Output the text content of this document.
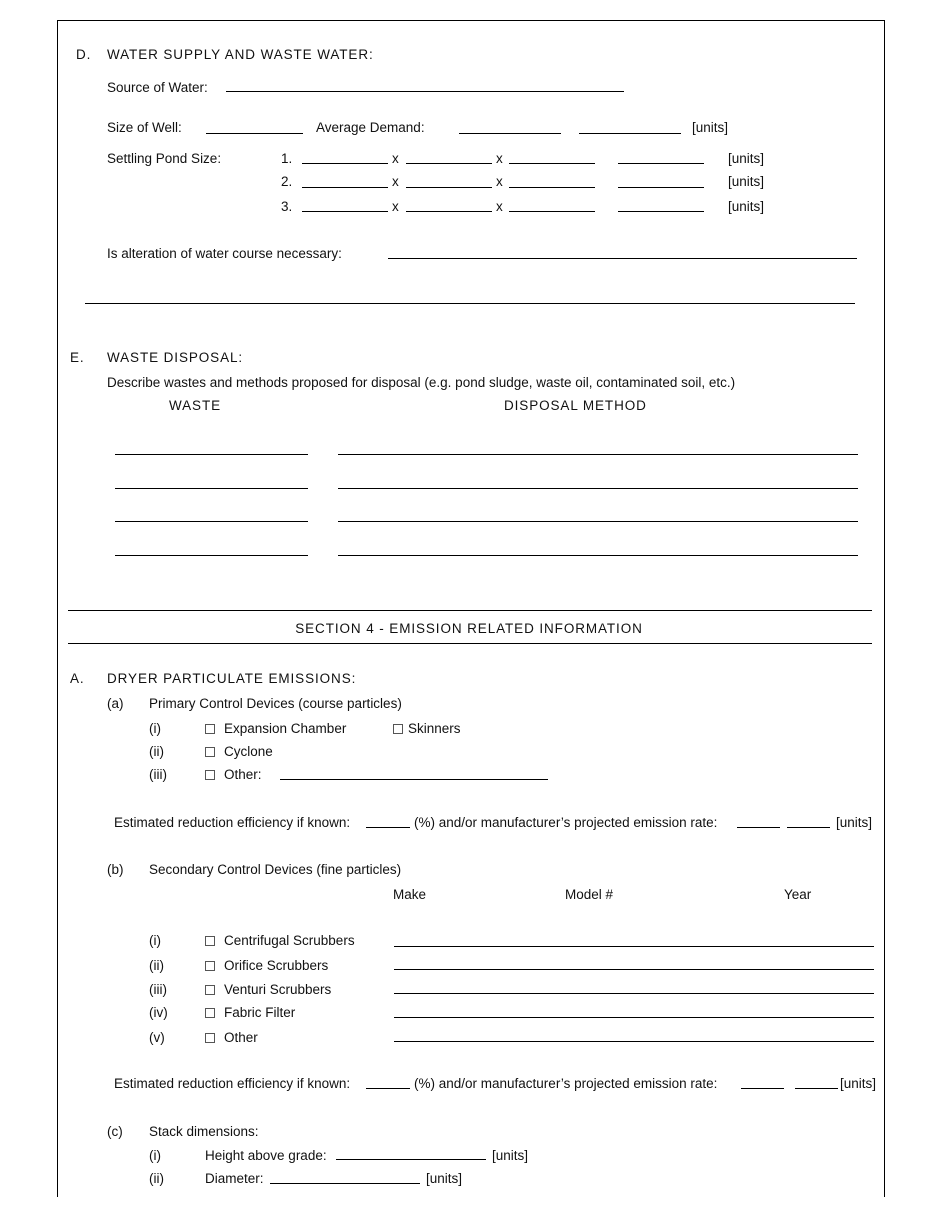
D. WATER SUPPLY AND WASTE WATER:
Source of Water:
Size of Well:	Average Demand:	[units]
Settling Pond Size:	1.	x	x	[units]
2.	x	x	[units]
3.	x	x	[units]
Is alteration of water course necessary:
E. WASTE DISPOSAL:
Describe wastes and methods proposed for disposal (e.g. pond sludge, waste oil, contaminated soil, etc.)
WASTE	DISPOSAL METHOD
SECTION 4 - EMISSION RELATED INFORMATION
A. DRYER PARTICULATE EMISSIONS:
(a) Primary Control Devices (course particles)
(i)	Expansion Chamber	Skinners
(ii)	Cyclone
(iii)	Other:
Estimated reduction efficiency if known:	(%) and/or manufacturer’s projected emission rate:	[units]
(b) Secondary Control Devices (fine particles)
Make	Model #	Year
(i)	Centrifugal Scrubbers
(ii)	Orifice Scrubbers
(iii)	Venturi Scrubbers
(iv)	Fabric Filter
(v)	Other
Estimated reduction efficiency if known:	(%) and/or manufacturer’s projected emission rate:	[units]
(c) Stack dimensions:
(i)	Height above grade:	[units]
(ii)	Diameter:	[units]
